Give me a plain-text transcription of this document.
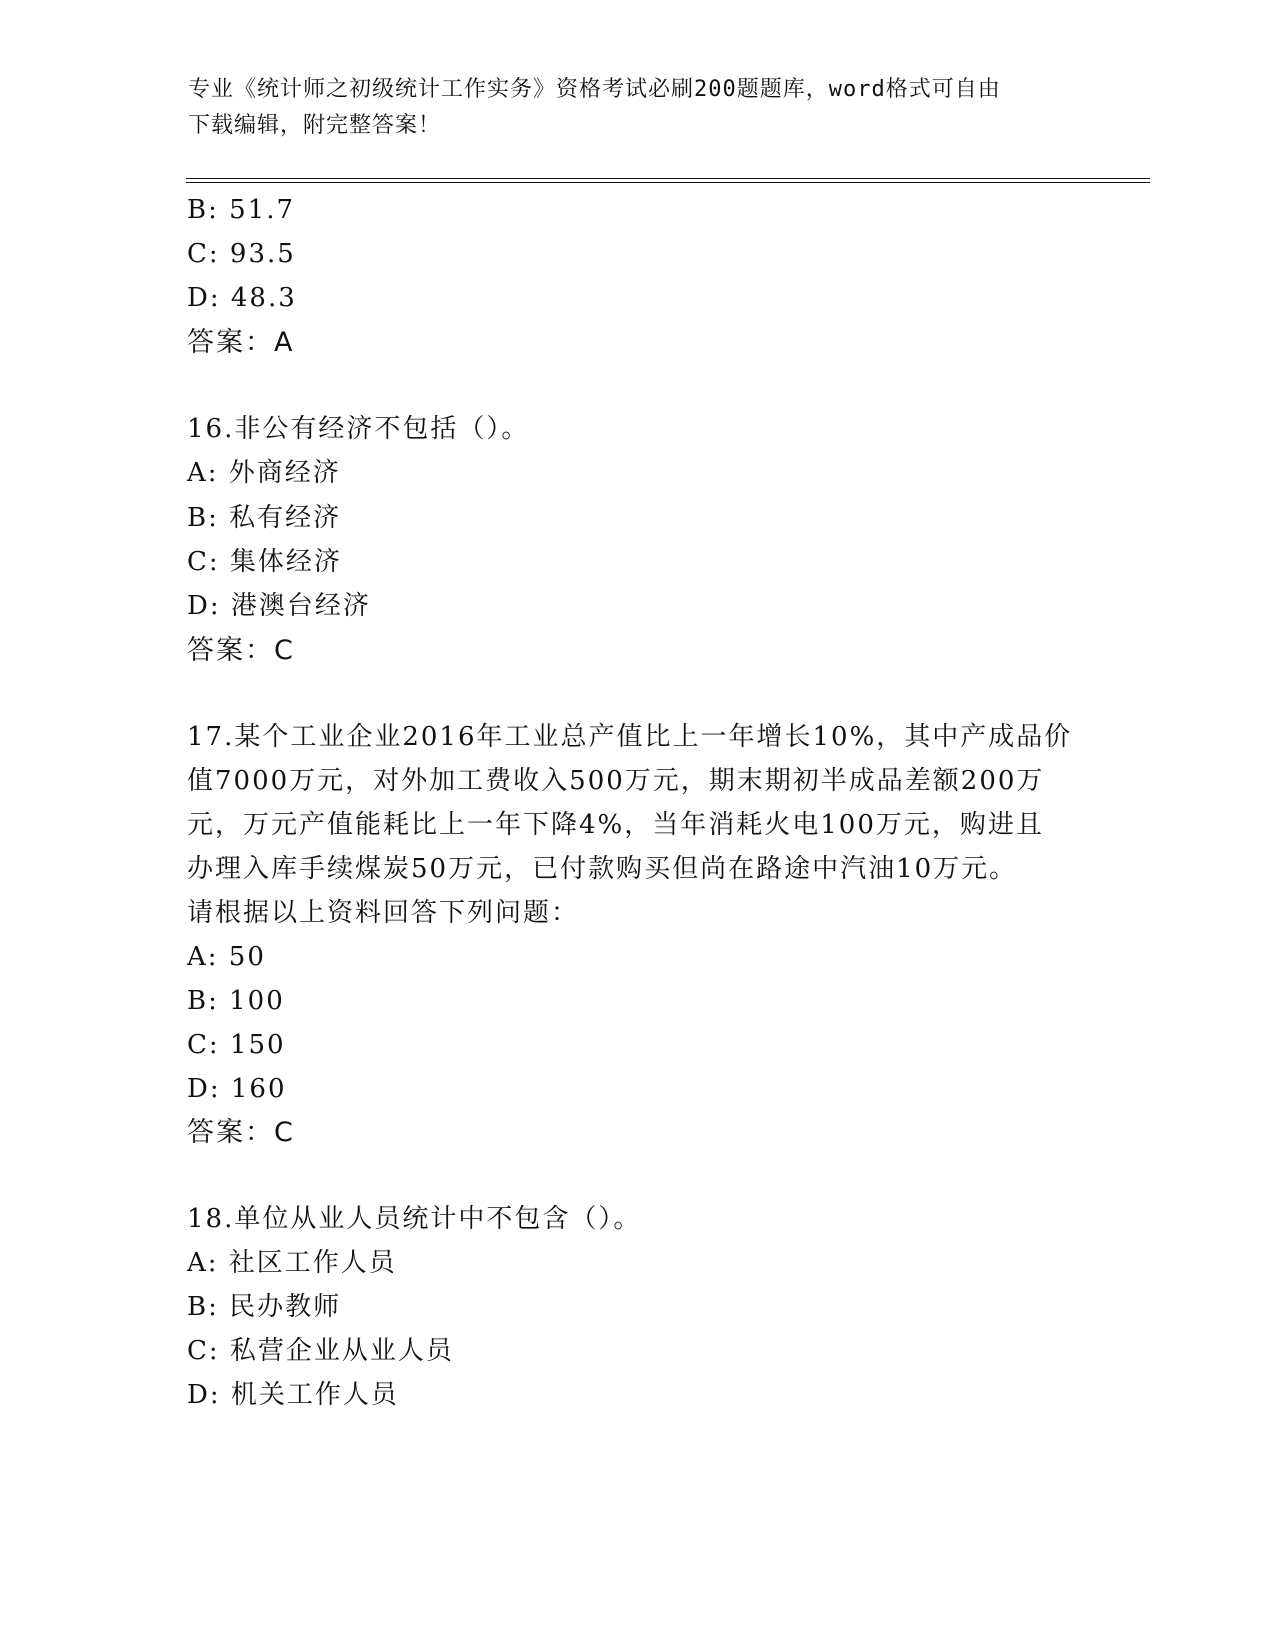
专业《统计师之初级统计工作实务》资格考试必刷200题题库，word格式可自由
下载编辑，附完整答案！
B: 51.7
C: 93.5
D: 48.3
答案：A
16.非公有经济不包括（）。
A: 外商经济
B: 私有经济
C: 集体经济
D: 港澳台经济
答案：C
17.某个工业企业2016年工业总产值比上一年增长10%，其中产成品价
值7000万元，对外加工费收入500万元，期末期初半成品差额200万
元，万元产值能耗比上一年下降4%，当年消耗火电100万元，购进且
办理入库手续煤炭50万元，已付款购买但尚在路途中汽油10万元。
请根据以上资料回答下列问题：
A: 50
B: 100
C: 150
D: 160
答案：C
18.单位从业人员统计中不包含（）。
A: 社区工作人员
B: 民办教师
C: 私营企业从业人员
D: 机关工作人员
